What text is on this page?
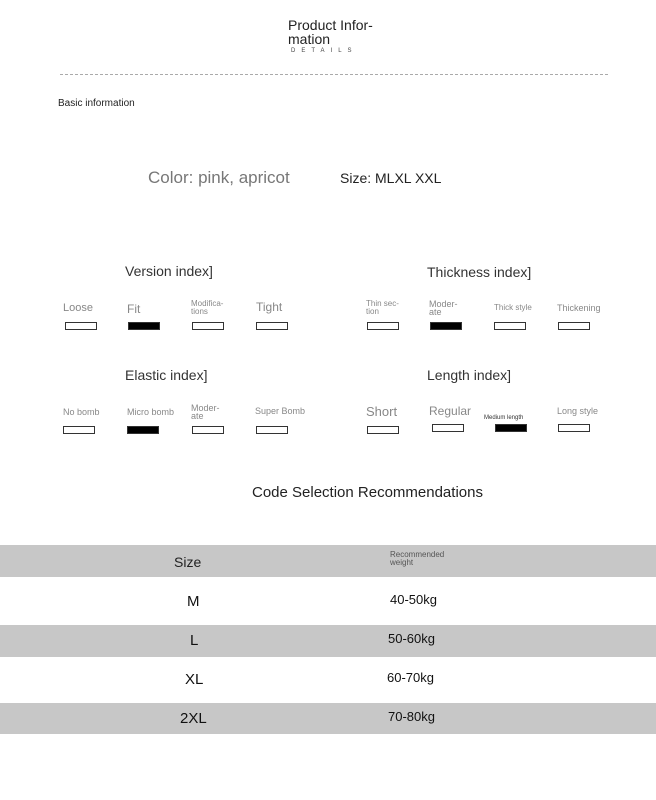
Product Infor-mation
DETAILS
Basic information
Color: pink, apricot	Size: MLXL XXL
Version index]
Loose	Fit	Modifica-tions	Tight
Thickness index]
Thin sec-tion
Moder-ate	Thick style	Thickening
Elastic index]
No bomb	Micro bomb Moder-ate	Super Bomb
Length index]
Short	Regular Medium length
Long style
Code Selection Recommendations
Size	Recommended weight
M	40-50kg
L	50-60kg
XL	60-70kg
2XL	70-80kg
